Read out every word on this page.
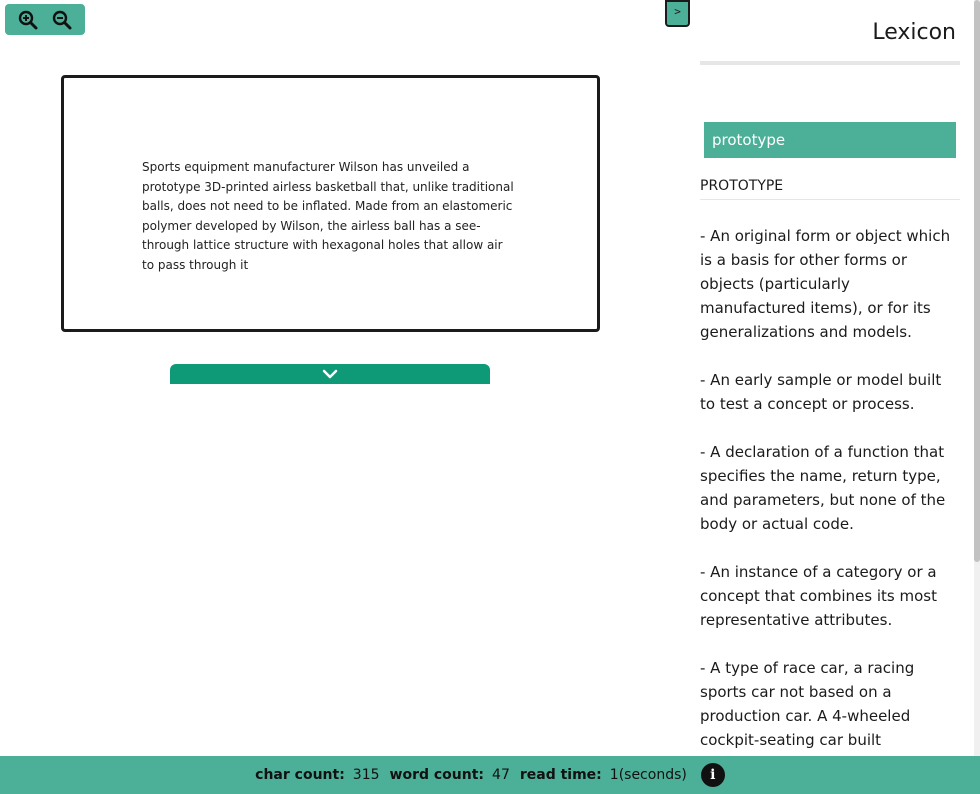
>

Sports equipment manufacturer Wilson has unveiled a prototype 3D-printed airless basketball that, unlike traditional balls, does not need to be inflated. Made from an elastomeric polymer developed by Wilson, the airless ball has a see-through lattice structure with hexagonal holes that allow air to pass through it

Lexicon
prototype
PROTOTYPE

- An original form or object which is a basis for other forms or objects (particularly manufactured items), or for its generalizations and models.

- An early sample or model built to test a concept or process.

- A declaration of a function that specifies the name, return type, and parameters, but none of the body or actual code.

- An instance of a category or a concept that combines its most representative attributes.

- A type of race car, a racing sports car not based on a production car. A 4-wheeled cockpit-seating car built

char count: 315 word count: 47 read time: 1(seconds)	i
